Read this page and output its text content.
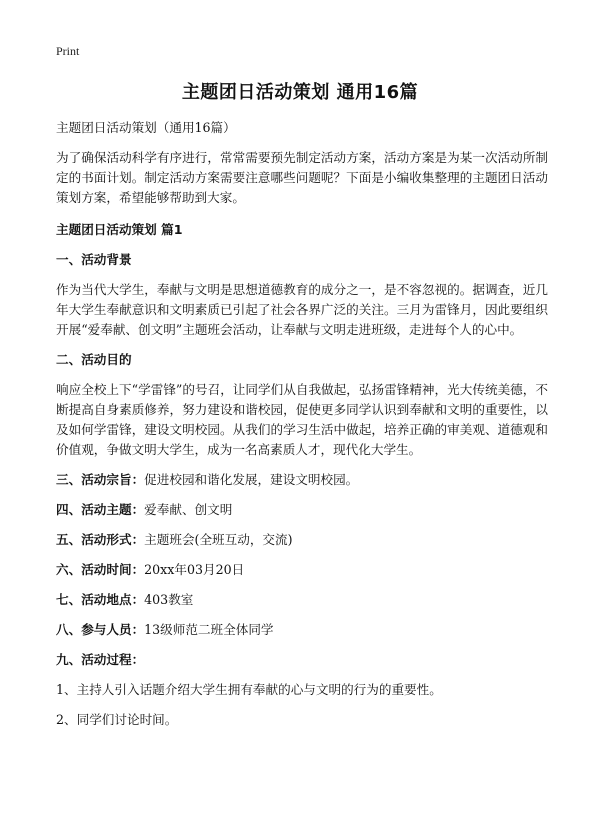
Print
主题团日活动策划 通用16篇

主题团日活动策划（通用16篇）

为了确保活动科学有序进行，常常需要预先制定活动方案，活动方案是为某一次活动所制定的书面计划。制定活动方案需要注意哪些问题呢？下面是小编收集整理的主题团日活动策划方案，希望能够帮助到大家。

主题团日活动策划 篇1

一、活动背景

作为当代大学生，奉献与文明是思想道德教育的成分之一，是不容忽视的。据调查，近几年大学生奉献意识和文明素质已引起了社会各界广泛的关注。三月为雷锋月，因此要组织开展“爱奉献、创文明”主题班会活动，让奉献与文明走进班级，走进每个人的心中。

二、活动目的

响应全校上下“学雷锋”的号召，让同学们从自我做起，弘扬雷锋精神，光大传统美德，不断提高自身素质修养，努力建设和谐校园，促使更多同学认识到奉献和文明的重要性，以及如何学雷锋，建设文明校园。从我们的学习生活中做起，培养正确的审美观、道德观和价值观，争做文明大学生，成为一名高素质人才，现代化大学生。

三、活动宗旨：促进校园和谐化发展，建设文明校园。

四、活动主题：爱奉献、创文明

五、活动形式：主题班会(全班互动，交流)

六、活动时间：20xx年03月20日

七、活动地点：403教室

八、参与人员：13级师范二班全体同学

九、活动过程：

1、主持人引入话题介绍大学生拥有奉献的心与文明的行为的重要性。

2、同学们讨论时间。
